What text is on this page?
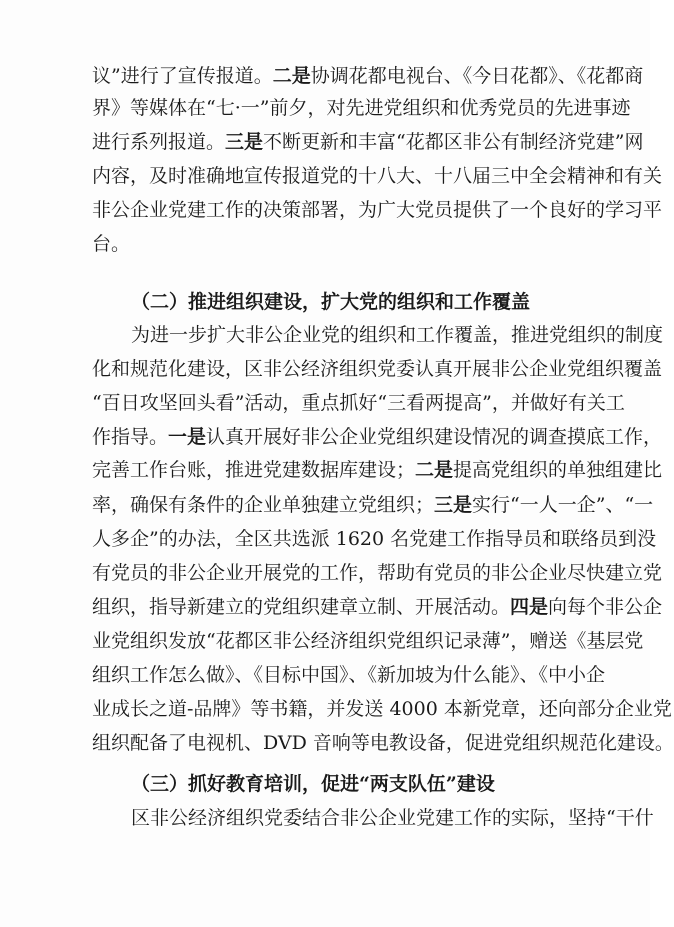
议”进行了宣传报道。二是协调花都电视台、《今日花都》、《花都商
界》等媒体在“七·一”前夕，对先进党组织和优秀党员的先进事迹
进行系列报道。三是不断更新和丰富“花都区非公有制经济党建”网
内容，及时准确地宣传报道党的十八大、十八届三中全会精神和有关
非公企业党建工作的决策部署，为广大党员提供了一个良好的学习平
台。
（二）推进组织建设，扩大党的组织和工作覆盖
为进一步扩大非公企业党的组织和工作覆盖，推进党组织的制度
化和规范化建设，区非公经济组织党委认真开展非公企业党组织覆盖
“百日攻坚回头看”活动，重点抓好“三看两提高”，并做好有关工
作指导。一是认真开展好非公企业党组织建设情况的调查摸底工作，
完善工作台账，推进党建数据库建设；二是提高党组织的单独组建比
率，确保有条件的企业单独建立党组织；三是实行“一人一企”、“一
人多企”的办法，全区共选派 1620 名党建工作指导员和联络员到没
有党员的非公企业开展党的工作，帮助有党员的非公企业尽快建立党
组织，指导新建立的党组织建章立制、开展活动。四是向每个非公企
业党组织发放“花都区非公经济组织党组织记录薄”，赠送《基层党
组织工作怎么做》、《目标中国》、《新加坡为什么能》、《中小企
业成长之道-品牌》等书籍，并发送 4000 本新党章，还向部分企业党
组织配备了电视机、DVD 音响等电教设备，促进党组织规范化建设。
（三）抓好教育培训，促进“两支队伍”建设
区非公经济组织党委结合非公企业党建工作的实际，坚持“干什
